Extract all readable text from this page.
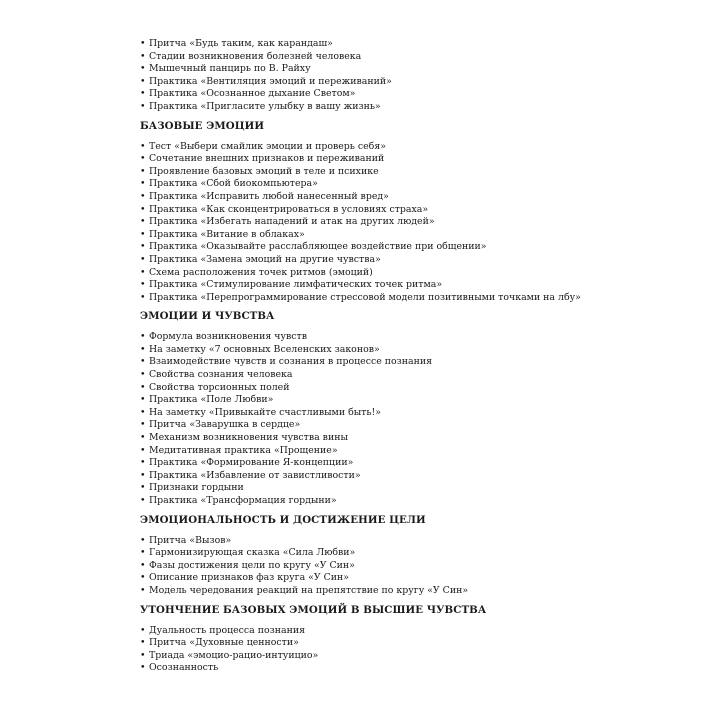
• Притча «Будь таким, как карандаш»
• Стадии возникновения болезней человека
• Мышечный панцирь по В. Райху
• Практика «Вентиляция эмоций и переживаний»
• Практика «Осознанное дыхание Светом»
• Практика «Пригласите улыбку в вашу жизнь»
БАЗОВЫЕ ЭМОЦИИ
• Тест «Выбери смайлик эмоции и проверь себя»
• Сочетание внешних признаков и переживаний
• Проявление базовых эмоций в теле и психике
• Практика «Сбой биокомпьютера»
• Практика «Исправить любой нанесенный вред»
• Практика «Как сконцентрироваться в условиях страха»
• Практика «Избегать нападений и атак на других людей»
• Практика «Витание в облаках»
• Практика «Оказывайте расслабляющее воздействие при общении»
• Практика «Замена эмоций на другие чувства»
• Схема расположения точек ритмов (эмоций)
• Практика «Стимулирование лимфатических точек ритма»
• Практика «Перепрограммирование стрессовой модели позитивными точками на лбу»
ЭМОЦИИ И ЧУВСТВА
• Формула возникновения чувств
• На заметку «7 основных Вселенских законов»
• Взаимодействие чувств и сознания в процессе познания
• Свойства сознания человека
• Свойства торсионных полей
• Практика «Поле Любви»
• На заметку «Привыкайте счастливыми быть!»
• Притча «Заварушка в сердце»
• Механизм возникновения чувства вины
• Медитативная практика «Прощение»
• Практика «Формирование Я-концепции»
• Практика «Избавление от завистливости»
• Признаки гордыни
• Практика «Трансформация гордыни»
ЭМОЦИОНАЛЬНОСТЬ И ДОСТИЖЕНИЕ ЦЕЛИ
• Притча «Вызов»
• Гармонизирующая сказка «Сила Любви»
• Фазы достижения цели по кругу «У Син»
• Описание признаков фаз круга «У Син»
• Модель чередования реакций на препятствие по кругу «У Син»
УТОНЧЕНИЕ БАЗОВЫХ ЭМОЦИЙ В ВЫСШИЕ ЧУВСТВА
• Дуальность процесса познания
• Притча «Духовные ценности»
• Триада «эмоцио-рацио-интуицио»
• Осознанность
